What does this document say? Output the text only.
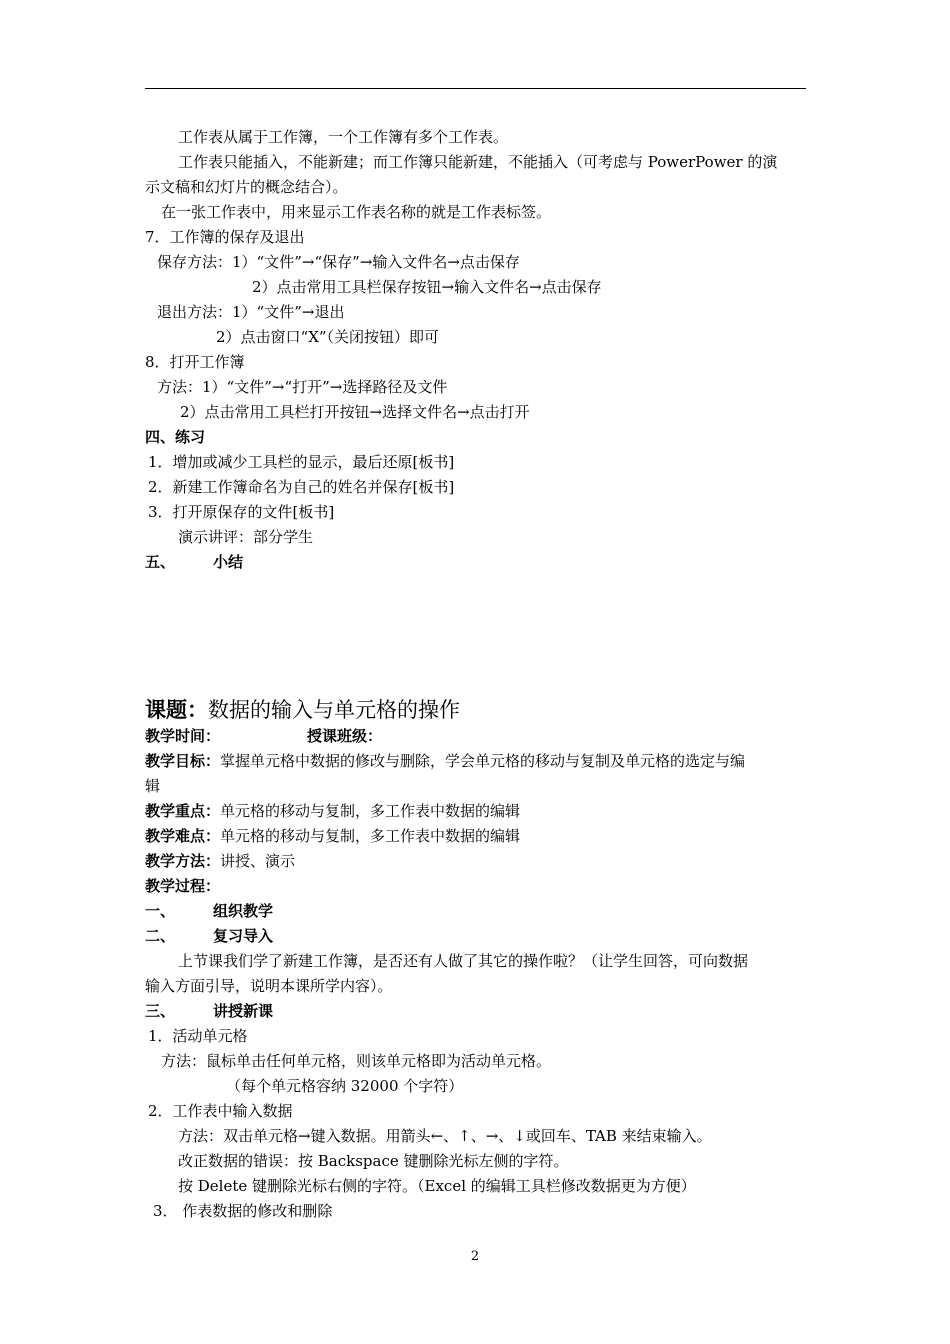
工作表从属于工作簿，一个工作簿有多个工作表。
工作表只能插入，不能新建；而工作簿只能新建，不能插入（可考虑与 PowerPower 的演
示文稿和幻灯片的概念结合）。
在一张工作表中，用来显示工作表名称的就是工作表标签。
7．工作簿的保存及退出
保存方法：1）“文件”→“保存”→输入文件名→点击保存
2）点击常用工具栏保存按钮→输入文件名→点击保存
退出方法：1）“文件”→退出
2）点击窗口“X”（关闭按钮）即可
8．打开工作簿
方法：1）“文件”→“打开”→选择路径及文件
2）点击常用工具栏打开按钮→选择文件名→点击打开
四、练习
1．增加或减少工具栏的显示，最后还原[板书]
2．新建工作簿命名为自己的姓名并保存[板书]
3．打开原保存的文件[板书]
演示讲评：部分学生
五、	小结
课题：数据的输入与单元格的操作
教学时间：	授课班级：
教学目标：掌握单元格中数据的修改与删除，学会单元格的移动与复制及单元格的选定与编
辑
教学重点：单元格的移动与复制，多工作表中数据的编辑
教学难点：单元格的移动与复制，多工作表中数据的编辑
教学方法：讲授、演示
教学过程：
一、	组织教学
二、	复习导入
上节课我们学了新建工作簿，是否还有人做了其它的操作啦？（让学生回答，可向数据
输入方面引导，说明本课所学内容）。
三、	讲授新课
1．活动单元格
方法：鼠标单击任何单元格，则该单元格即为活动单元格。
（每个单元格容纳 32000 个字符）
2．工作表中输入数据
方法：双击单元格→键入数据。用箭头←、↑、→、↓或回车、TAB 来结束输入。
改正数据的错误：按 Backspace 键删除光标左侧的字符。
按 Delete 键删除光标右侧的字符。（Excel 的编辑工具栏修改数据更为方便）
3． 作表数据的修改和删除
2
